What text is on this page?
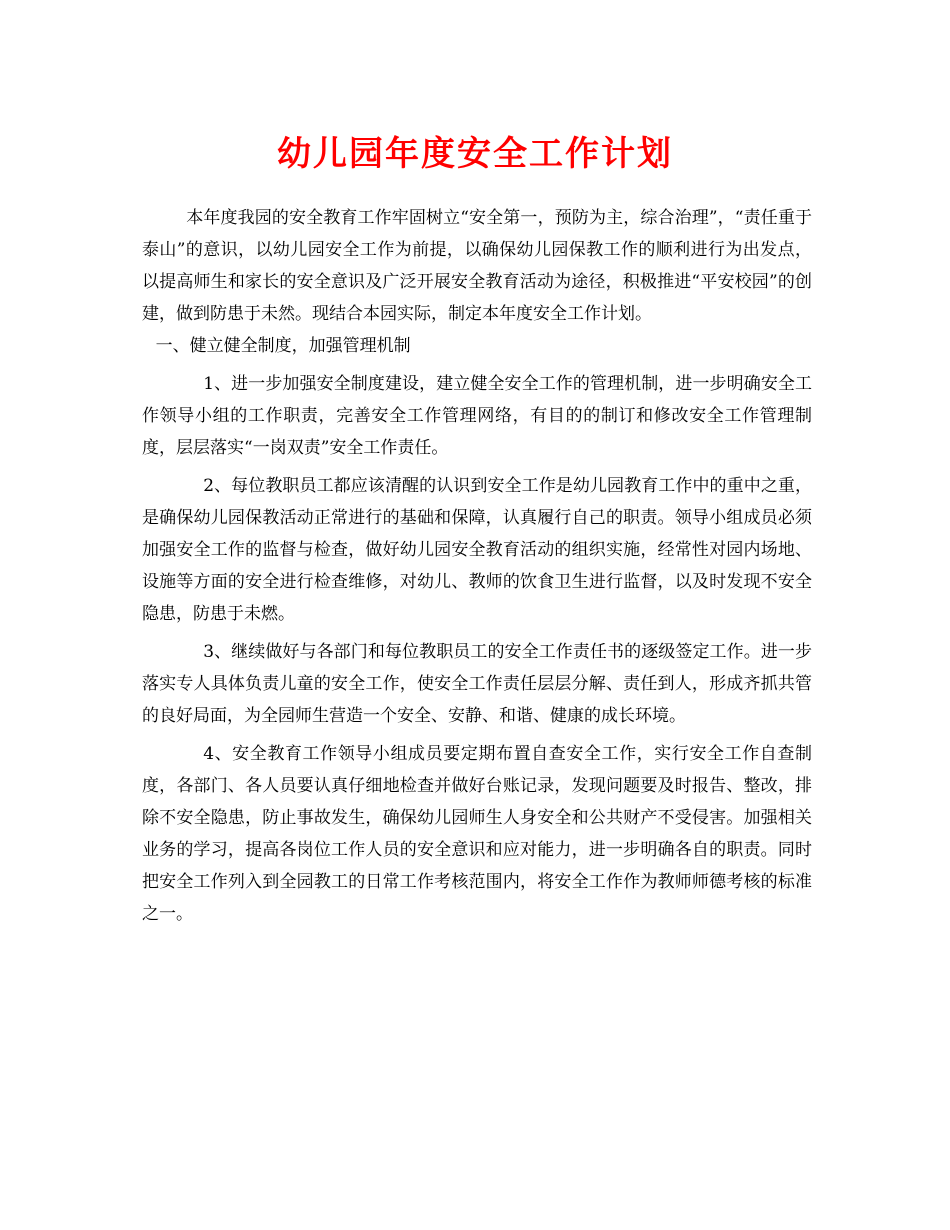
幼儿园年度安全工作计划

本年度我园的安全教育工作牢固树立“安全第一，预防为主，综合治理”，“责任重于泰山”的意识，以幼儿园安全工作为前提，以确保幼儿园保教工作的顺利进行为出发点，以提高师生和家长的安全意识及广泛开展安全教育活动为途径，积极推进“平安校园”的创建，做到防患于未然。现结合本园实际，制定本年度安全工作计划。

一、健立健全制度，加强管理机制

1、进一步加强安全制度建设，建立健全安全工作的管理机制，进一步明确安全工作领导小组的工作职责，完善安全工作管理网络，有目的的制订和修改安全工作管理制度，层层落实“一岗双责”安全工作责任。

2、每位教职员工都应该清醒的认识到安全工作是幼儿园教育工作中的重中之重，是确保幼儿园保教活动正常进行的基础和保障，认真履行自己的职责。领导小组成员必须加强安全工作的监督与检查，做好幼儿园安全教育活动的组织实施，经常性对园内场地、设施等方面的安全进行检查维修，对幼儿、教师的饮食卫生进行监督，以及时发现不安全隐患，防患于未燃。

3、继续做好与各部门和每位教职员工的安全工作责任书的逐级签定工作。进一步落实专人具体负责儿童的安全工作，使安全工作责任层层分解、责任到人，形成齐抓共管的良好局面，为全园师生营造一个安全、安静、和谐、健康的成长环境。

4、安全教育工作领导小组成员要定期布置自查安全工作，实行安全工作自查制度，各部门、各人员要认真仔细地检查并做好台账记录，发现问题要及时报告、整改，排除不安全隐患，防止事故发生，确保幼儿园师生人身安全和公共财产不受侵害。加强相关业务的学习，提高各岗位工作人员的安全意识和应对能力，进一步明确各自的职责。同时把安全工作列入到全园教工的日常工作考核范围内，将安全工作作为教师师德考核的标准之一。
